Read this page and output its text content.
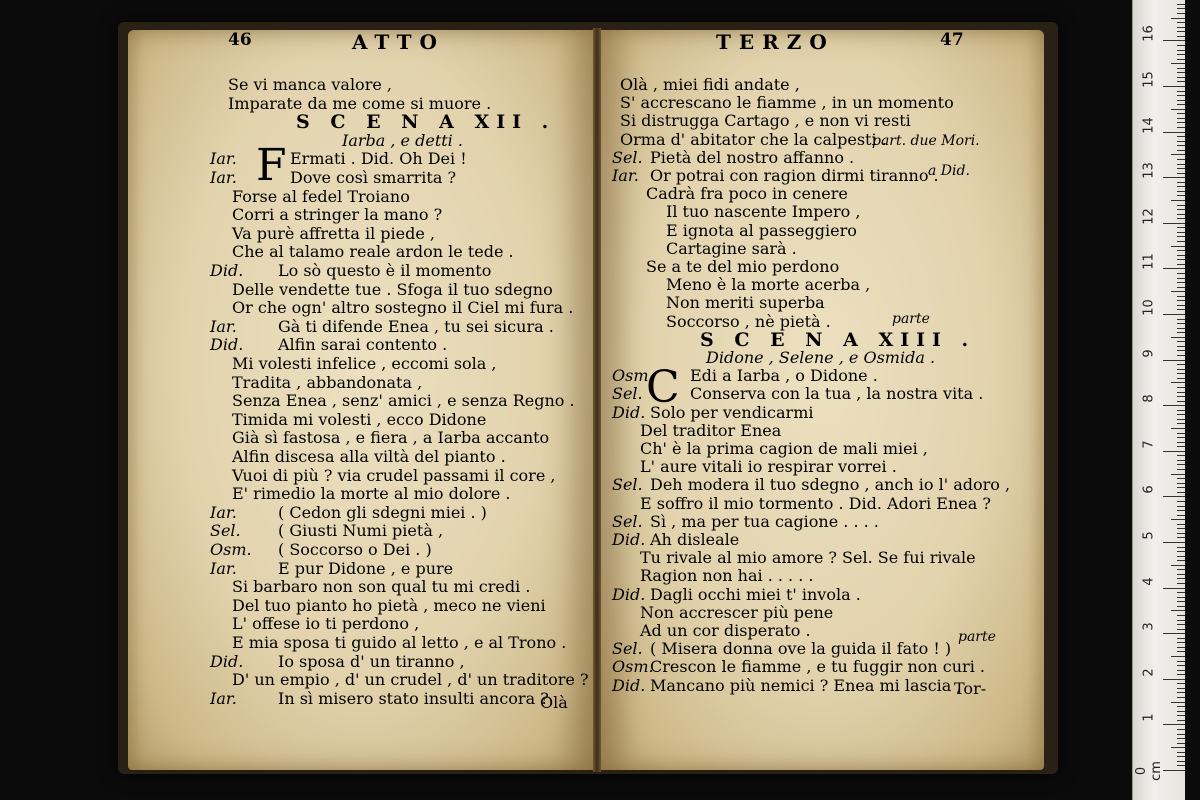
46	ATTO	TERZO	47
F
C
Se vi manca valore ,
Imparate da me come si muore .
S C E N A XII .
Iarba , e detti .
Iar.	Ermati . Did. Oh Dei !
Iar.	Dove così smarrita ?
Forse al fedel Troiano
Corri a stringer la mano ?
Va purè affretta il piede ,
Che al talamo reale ardon le tede .
Did. Lo sò questo è il momento
Delle vendette tue . Sfoga il tuo sdegno
Or che ogn' altro sostegno il Ciel mi fura .
Iar.	Gà ti difende Enea , tu sei sicura .
Did. Alfin sarai contento .
Mi volesti infelice , eccomi sola ,
Tradita , abbandonata ,
Senza Enea , senz' amici , e senza Regno .
Timida mi volesti , ecco Didone
Già sì fastosa , e fiera , a Iarba accanto
Alfin discesa alla viltà del pianto .
Vuoi di più ? via crudel passami il core ,
E' rimedio la morte al mio dolore .
Iar.	( Cedon gli sdegni miei . )
Sel. ( Giusti Numi pietà ,
Osm. ( Soccorso o Dei . )
Iar.	E pur Didone , e pure
Si barbaro non son qual tu mi credi .
Del tuo pianto ho pietà , meco ne vieni
L' offese io ti perdono ,
E mia sposa ti guido al letto , e al Trono .
Did. Io sposa d' un tiranno ,
D' un empio , d' un crudel , d' un traditore ?
Iar.	In sì misero stato insulti ancora ?
Olà , miei fidi andate ,
S' accrescano le fiamme , in un momento
Si distrugga Cartago , e non vi resti
Orma d' abitator che la calpesti .
Sel. Pietà del nostro affanno .
Iar. Or potrai con ragion dirmi tiranno .
Cadrà fra poco in cenere
Il tuo nascente Impero ,
E ignota al passeggiero
Cartagine sarà .
Se a te del mio perdono
Meno è la morte acerba ,
Non meriti superba
Soccorso , nè pietà .
S C E N A XIII .
Didone , Selene , e Osmida .
Osm. Edi a Iarba , o Didone .
Sel.	Conserva con la tua , la nostra vita .
Did. Solo per vendicarmi
Del traditor Enea
Ch' è la prima cagion de mali miei ,
L' aure vitali io respirar vorrei .
Sel. Deh modera il tuo sdegno , anch io l' adoro ,
E soffro il mio tormento . Did. Adori Enea ?
Sel. Sì , ma per tua cagione . . . .
Did. Ah disleale
Tu rivale al mio amore ? Sel. Se fui rivale
Ragion non hai . . . . .
Did. Dagli occhi miei t' invola .
Non accrescer più pene
Ad un cor disperato .
Sel. ( Misera donna ove la guida il fato ! )
Osm.
Crescon le fiamme , e tu fuggir non curi .
Did. Mancano più nemici ? Enea mi lascia ,
part. due Mori.
a Did.
parte
parte
Olà
Tor-
16
15
14
13
12
11
10
9
8
7
6
5
4
3
2
1
0 cm
